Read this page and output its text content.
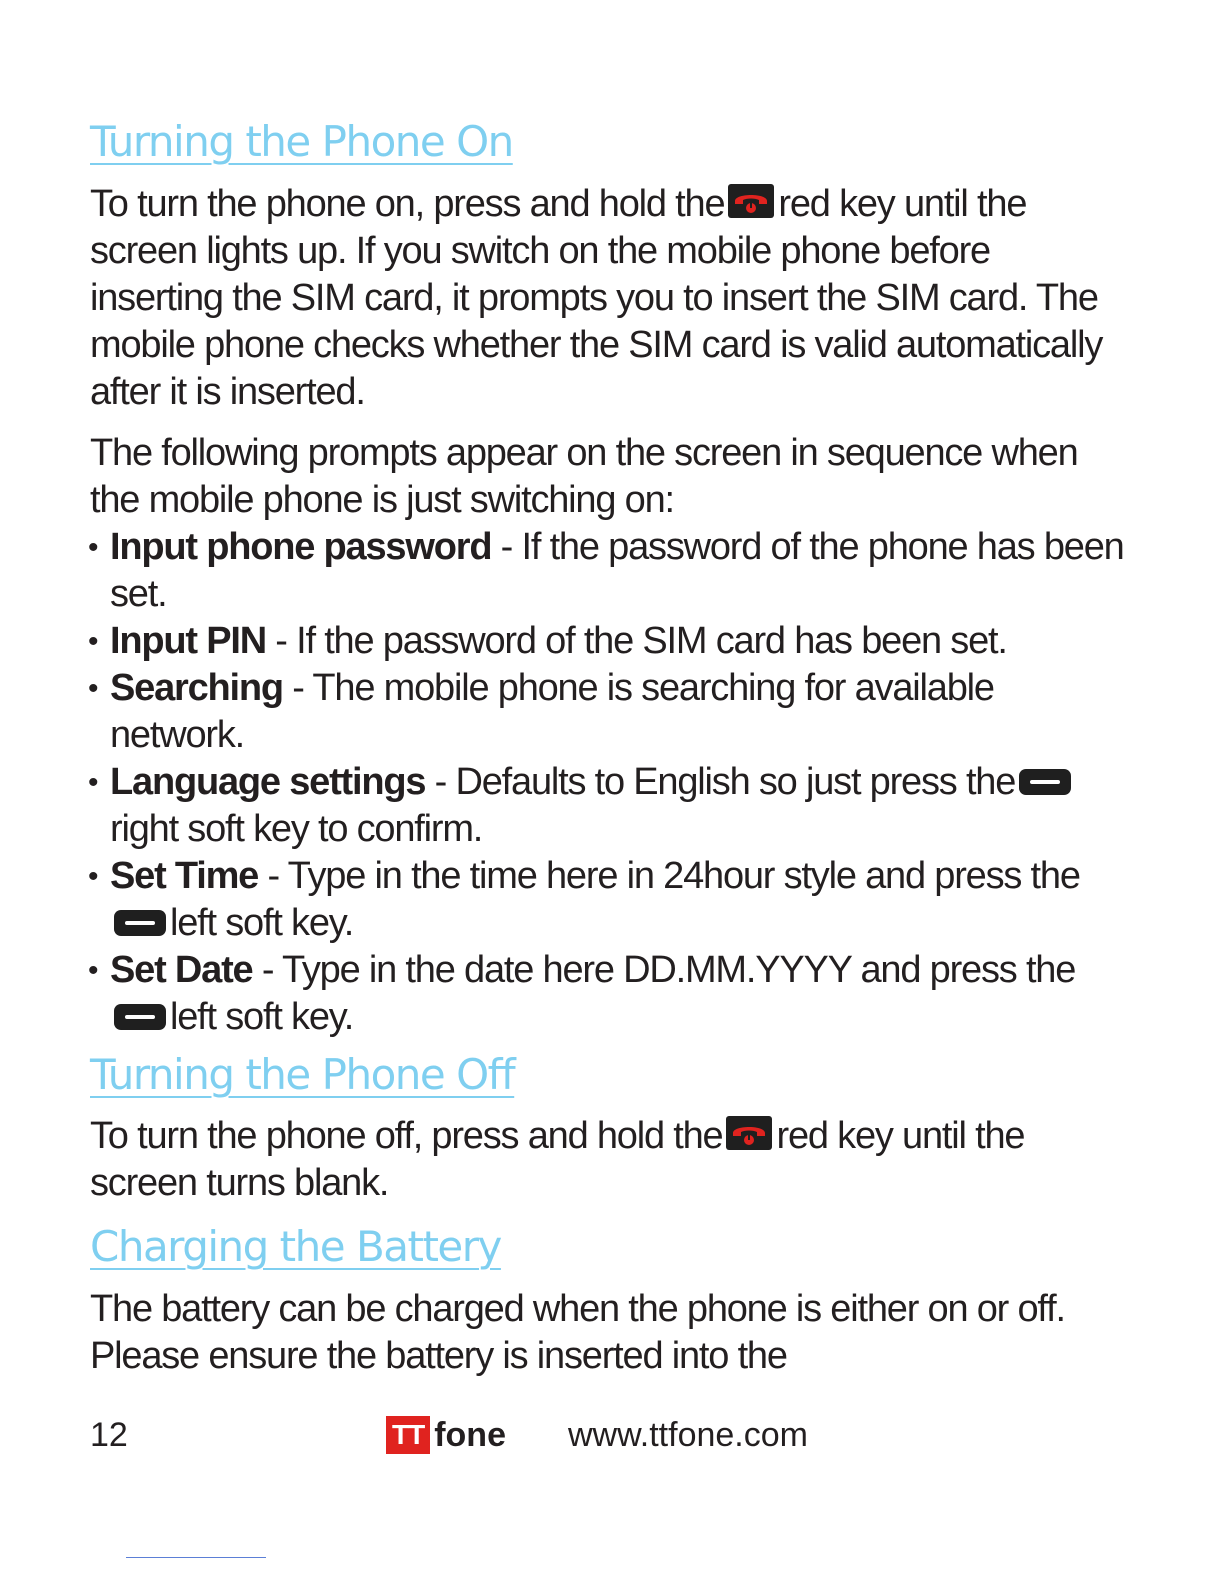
Turning the Phone On

To turn the phone on, press and hold the red key until the screen lights up. If you switch on the mobile phone before inserting the SIM card, it prompts you to insert the SIM card. The mobile phone checks whether the SIM card is valid automatically after it is inserted.

The following prompts appear on the screen in sequence when the mobile phone is just switching on:

• Input phone password - If the password of the phone has been set.
• Input PIN - If the password of the SIM card has been set.
• Searching - The mobile phone is searching for available network.
• Language settings - Defaults to English so just press theright soft key to confirm.
• Set Time - Type in the time here in 24hour style and press theleft soft key.
• Set Date - Type in the date here DD.MM.YYYY and press theleft soft key.
Turning the Phone Off

To turn the phone off, press and hold the red key until the screen turns blank.

Charging the Battery

The battery can be charged when the phone is either on or off. Please ensure the battery is inserted into the

12	TT fone www.ttfone.com
